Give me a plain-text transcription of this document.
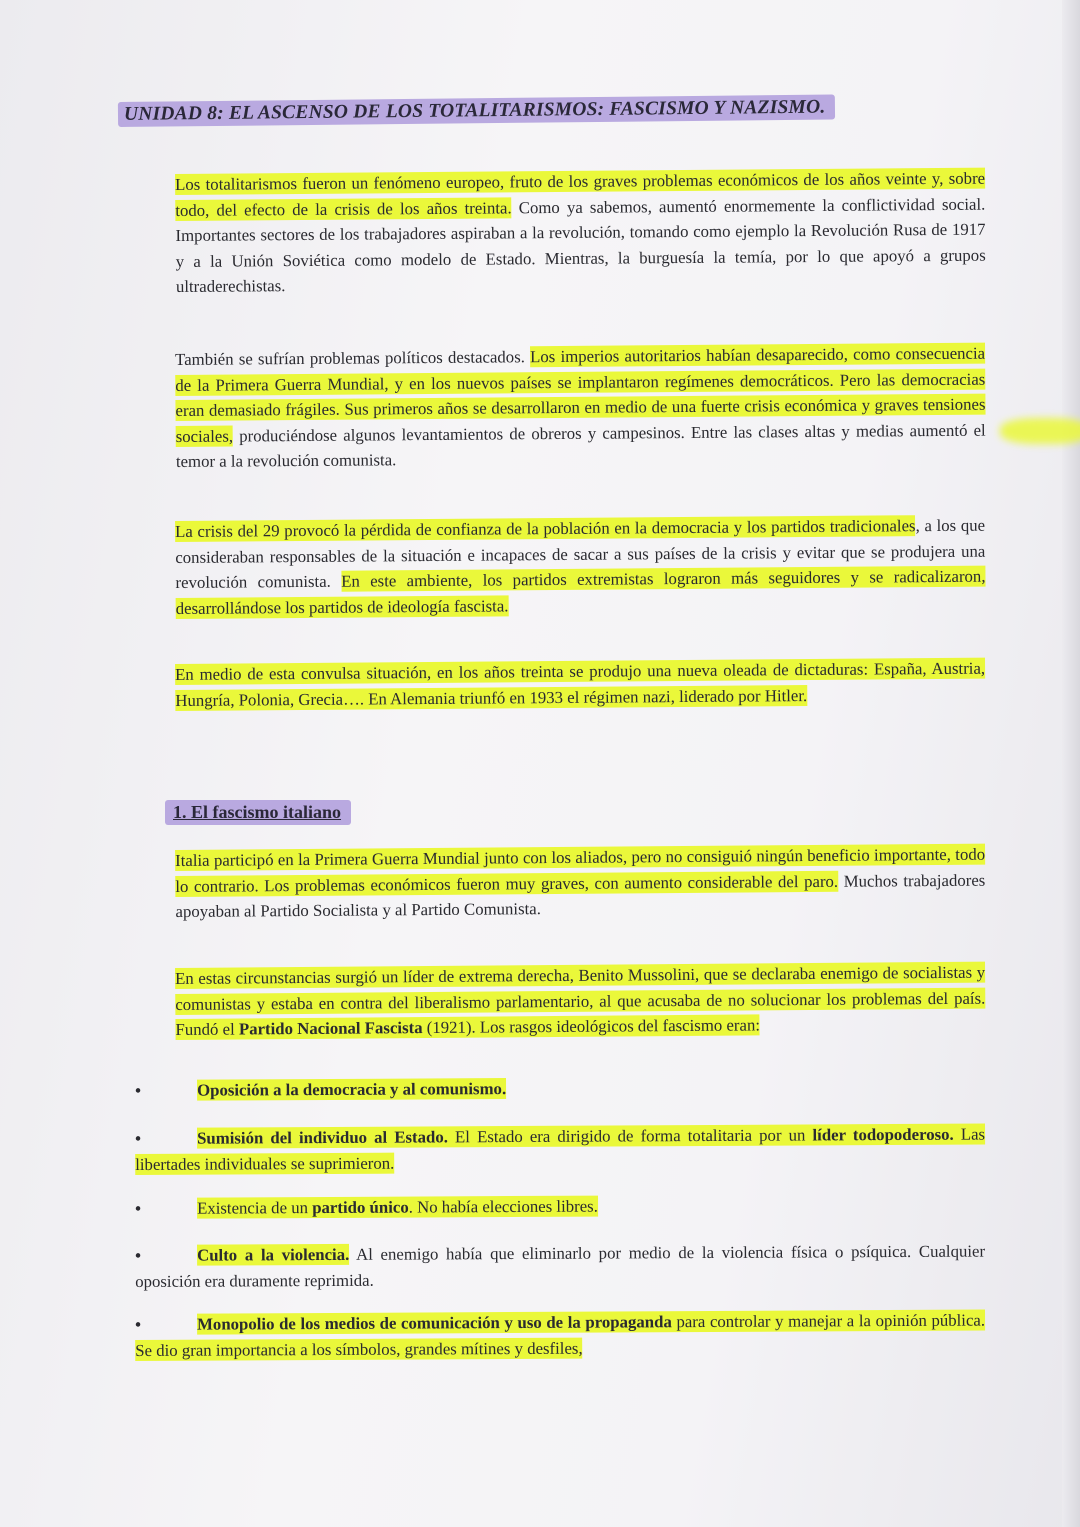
UNIDAD 8: EL ASCENSO DE LOS TOTALITARISMOS: FASCISMO Y NAZISMO.
Los totalitarismos fueron un fenómeno europeo, fruto de los graves problemas económicos de los años veinte y, sobre todo, del efecto de la crisis de los años treinta. Como ya sabemos, aumentó enormemente la conflictividad social. Importantes sectores de los trabajadores aspiraban a la revolución, tomando como ejemplo la Revolución Rusa de 1917 y a la Unión Soviética como modelo de Estado. Mientras, la burguesía la temía, por lo que apoyó a grupos ultraderechistas.
También se sufrían problemas políticos destacados. Los imperios autoritarios habían desaparecido, como consecuencia de la Primera Guerra Mundial, y en los nuevos países se implantaron regímenes democráticos. Pero las democracias eran demasiado frágiles. Sus primeros años se desarrollaron en medio de una fuerte crisis económica y graves tensiones sociales, produciéndose algunos levantamientos de obreros y campesinos. Entre las clases altas y medias aumentó el temor a la revolución comunista.
La crisis del 29 provocó la pérdida de confianza de la población en la democracia y los partidos tradicionales, a los que consideraban responsables de la situación e incapaces de sacar a sus países de la crisis y evitar que se produjera una revolución comunista. En este ambiente, los partidos extremistas lograron más seguidores y se radicalizaron, desarrollándose los partidos de ideología fascista.
En medio de esta convulsa situación, en los años treinta se produjo una nueva oleada de dictaduras: España, Austria, Hungría, Polonia, Grecia…. En Alemania triunfó en 1933 el régimen nazi, liderado por Hitler.
1. El fascismo italiano
Italia participó en la Primera Guerra Mundial junto con los aliados, pero no consiguió ningún beneficio importante, todo lo contrario. Los problemas económicos fueron muy graves, con aumento considerable del paro. Muchos trabajadores apoyaban al Partido Socialista y al Partido Comunista.
En estas circunstancias surgió un líder de extrema derecha, Benito Mussolini, que se declaraba enemigo de socialistas y comunistas y estaba en contra del liberalismo parlamentario, al que acusaba de no solucionar los problemas del país. Fundó el Partido Nacional Fascista (1921). Los rasgos ideológicos del fascismo eran:
•	Oposición a la democracia y al comunismo.
•	Sumisión del individuo al Estado. El Estado era dirigido de forma totalitaria por un líder todopoderoso. Las libertades individuales se suprimieron.
•	Existencia de un partido único. No había elecciones libres.
•	Culto a la violencia. Al enemigo había que eliminarlo por medio de la violencia física o psíquica. Cualquier oposición era duramente reprimida.
•	Monopolio de los medios de comunicación y uso de la propaganda para controlar y manejar a la opinión pública. Se dio gran importancia a los símbolos, grandes mítines y desfiles,
